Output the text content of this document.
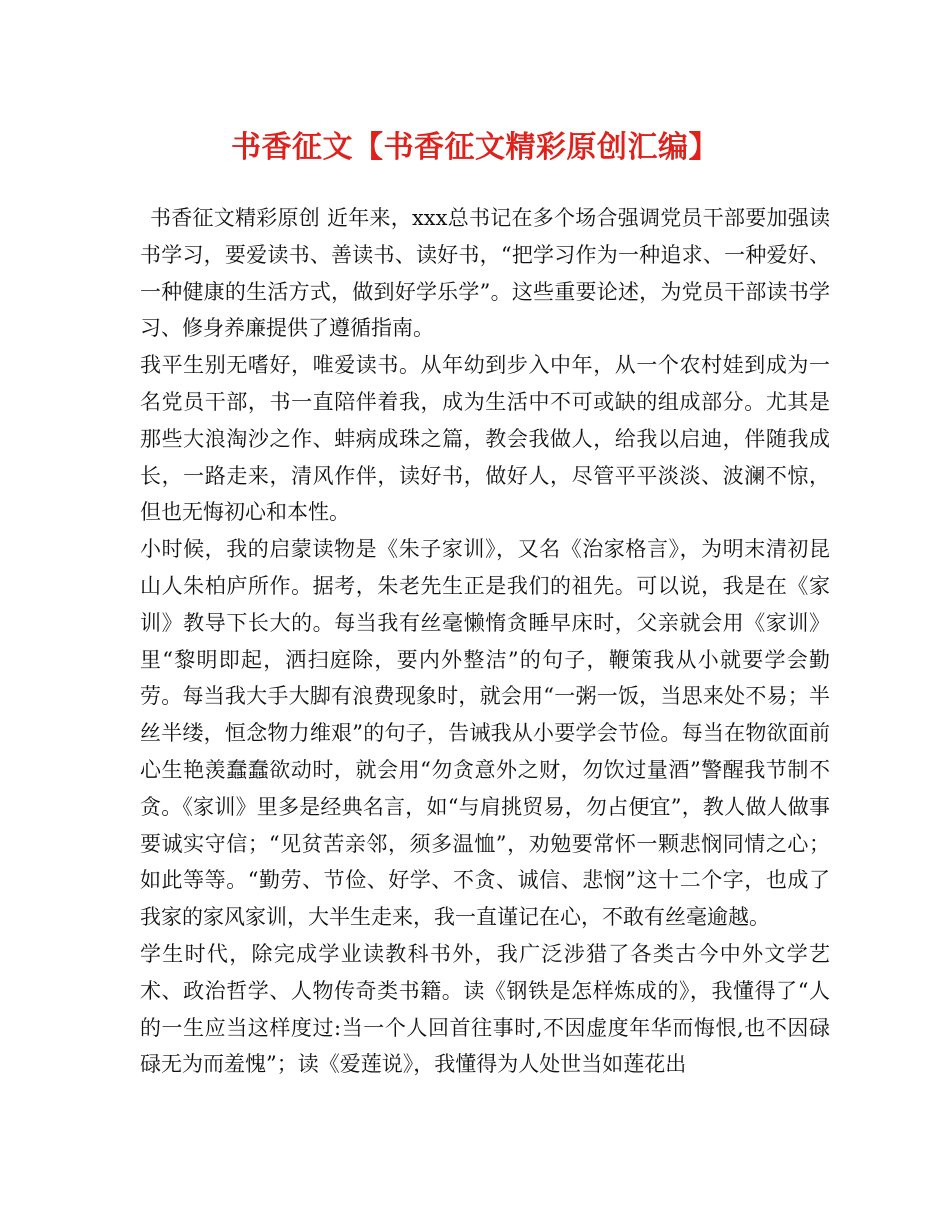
书香征文【书香征文精彩原创汇编】

书香征文精彩原创 近年来，xxx总书记在多个场合强调党员干部要加强读书学习，要爱读书、善读书、读好书，“把学习作为一种追求、一种爱好、一种健康的生活方式，做到好学乐学”。这些重要论述，为党员干部读书学习、修身养廉提供了遵循指南。

我平生别无嗜好，唯爱读书。从年幼到步入中年，从一个农村娃到成为一名党员干部，书一直陪伴着我，成为生活中不可或缺的组成部分。尤其是那些大浪淘沙之作、蚌病成珠之篇，教会我做人，给我以启迪，伴随我成长，一路走来，清风作伴，读好书，做好人，尽管平平淡淡、波澜不惊，但也无悔初心和本性。

小时候，我的启蒙读物是《朱子家训》，又名《治家格言》，为明末清初昆山人朱柏庐所作。据考，朱老先生正是我们的祖先。可以说，我是在《家训》教导下长大的。每当我有丝毫懒惰贪睡早床时，父亲就会用《家训》里“黎明即起，洒扫庭除，要内外整洁”的句子，鞭策我从小就要学会勤劳。每当我大手大脚有浪费现象时，就会用“一粥一饭，当思来处不易；半丝半缕，恒念物力维艰”的句子，告诫我从小要学会节俭。每当在物欲面前心生艳羡蠢蠢欲动时，就会用“勿贪意外之财，勿饮过量酒”警醒我节制不贪。《家训》里多是经典名言，如“与肩挑贸易，勿占便宜”，教人做人做事要诚实守信；“见贫苦亲邻，须多温恤”，劝勉要常怀一颗悲悯同情之心；如此等等。“勤劳、节俭、好学、不贪、诚信、悲悯”这十二个字，也成了我家的家风家训，大半生走来，我一直谨记在心，不敢有丝毫逾越。

学生时代，除完成学业读教科书外，我广泛涉猎了各类古今中外文学艺术、政治哲学、人物传奇类书籍。读《钢铁是怎样炼成的》，我懂得了“人的一生应当这样度过:当一个人回首往事时,不因虚度年华而悔恨,也不因碌碌无为而羞愧”；读《爱莲说》，我懂得为人处世当如莲花出
